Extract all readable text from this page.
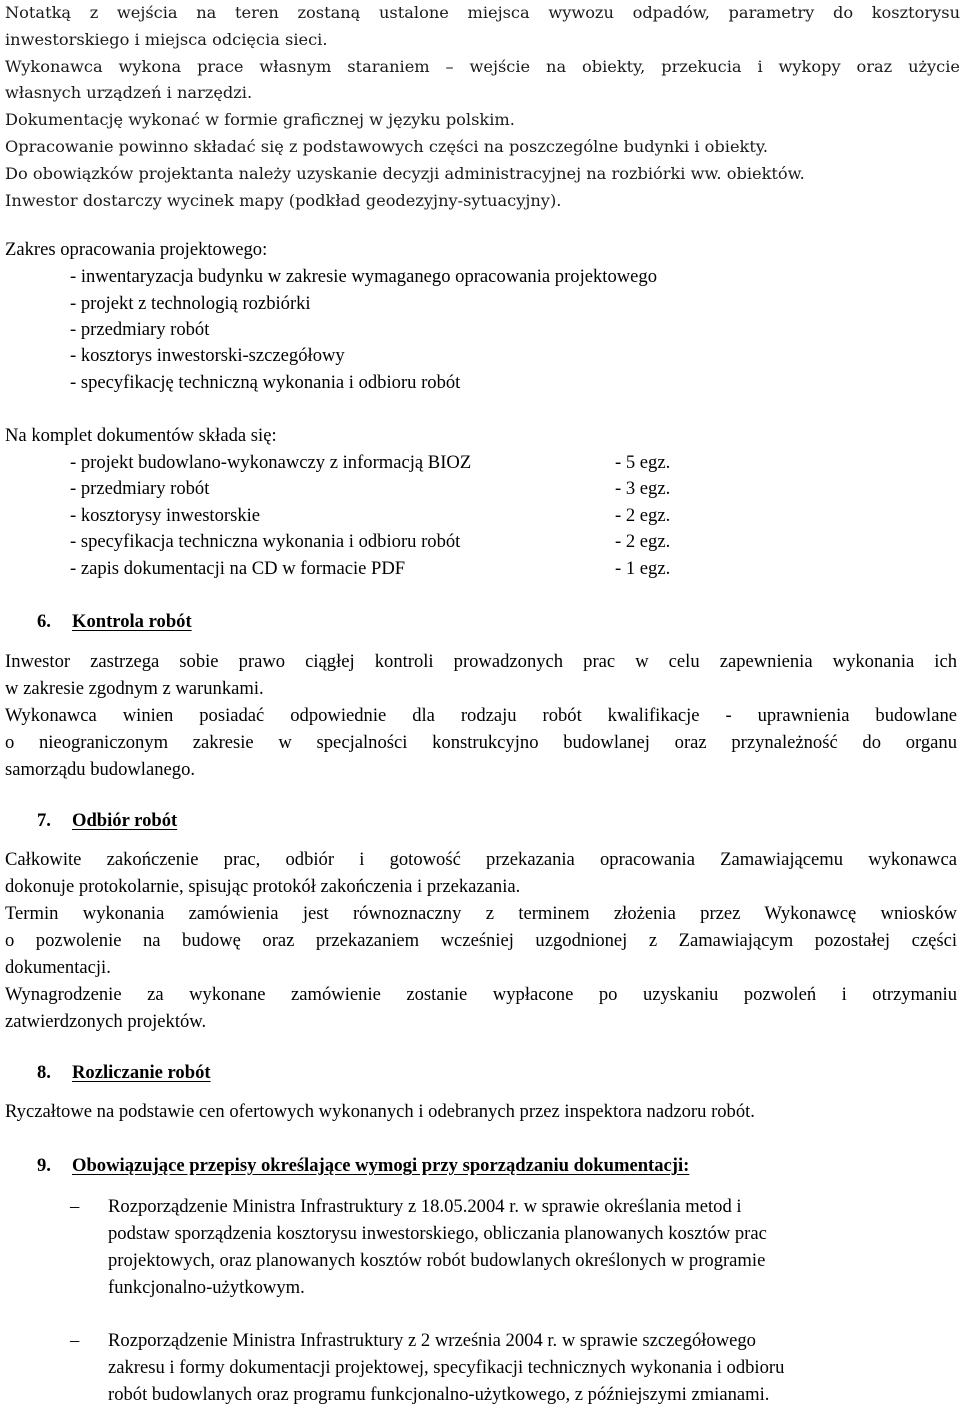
Notatką z wejścia na teren zostaną ustalone miejsca wywozu odpadów, parametry do kosztorysu
inwestorskiego i miejsca odcięcia sieci.
Wykonawca wykona prace własnym staraniem – wejście na obiekty, przekucia i wykopy oraz użycie
własnych urządzeń i narzędzi.
Dokumentację wykonać w formie graficznej w języku polskim.
Opracowanie powinno składać się z podstawowych części na poszczególne budynki i obiekty.
Do obowiązków projektanta należy uzyskanie decyzji administracyjnej na rozbiórki ww. obiektów.
Inwestor dostarczy wycinek mapy (podkład geodezyjny-sytuacyjny).
Zakres opracowania projektowego:
- inwentaryzacja budynku w zakresie wymaganego opracowania projektowego
- projekt z technologią rozbiórki
- przedmiary robót
- kosztorys inwestorski-szczegółowy
- specyfikację techniczną wykonania i odbioru robót
Na komplet dokumentów składa się:
- projekt budowlano-wykonawczy z informacją BIOZ	- 5 egz.
- przedmiary robót	- 3 egz.
- kosztorysy inwestorskie	- 2 egz.
- specyfikacja techniczna wykonania i odbioru robót	- 2 egz.
- zapis dokumentacji na CD w formacie PDF	- 1 egz.
6. Kontrola robót
Inwestor zastrzega sobie prawo ciągłej kontroli prowadzonych prac w celu zapewnienia wykonania ich
w zakresie zgodnym z warunkami.
Wykonawca winien posiadać odpowiednie dla rodzaju robót kwalifikacje - uprawnienia budowlane
o nieograniczonym zakresie w specjalności konstrukcyjno budowlanej oraz przynależność do organu
samorządu budowlanego.
7. Odbiór robót
Całkowite zakończenie prac, odbiór i gotowość przekazania opracowania Zamawiającemu wykonawca
dokonuje protokolarnie, spisując protokół zakończenia i przekazania.
Termin wykonania zamówienia jest równoznaczny z terminem złożenia przez Wykonawcę wniosków
o pozwolenie na budowę oraz przekazaniem wcześniej uzgodnionej z Zamawiającym pozostałej części
dokumentacji.
Wynagrodzenie za wykonane zamówienie zostanie wypłacone po uzyskaniu pozwoleń i otrzymaniu
zatwierdzonych projektów.
8. Rozliczanie robót
Ryczałtowe na podstawie cen ofertowych wykonanych i odebranych przez inspektora nadzoru robót.
9. Obowiązujące przepisy określające wymogi przy sporządzaniu dokumentacji:
–	Rozporządzenie Ministra Infrastruktury z 18.05.2004 r. w sprawie określania metod i
podstaw sporządzenia kosztorysu inwestorskiego, obliczania planowanych kosztów prac
projektowych, oraz planowanych kosztów robót budowlanych określonych w programie
funkcjonalno-użytkowym.
–	Rozporządzenie Ministra Infrastruktury z 2 września 2004 r. w sprawie szczegółowego
zakresu i formy dokumentacji projektowej, specyfikacji technicznych wykonania i odbioru
robót budowlanych oraz programu funkcjonalno-użytkowego, z późniejszymi zmianami.
